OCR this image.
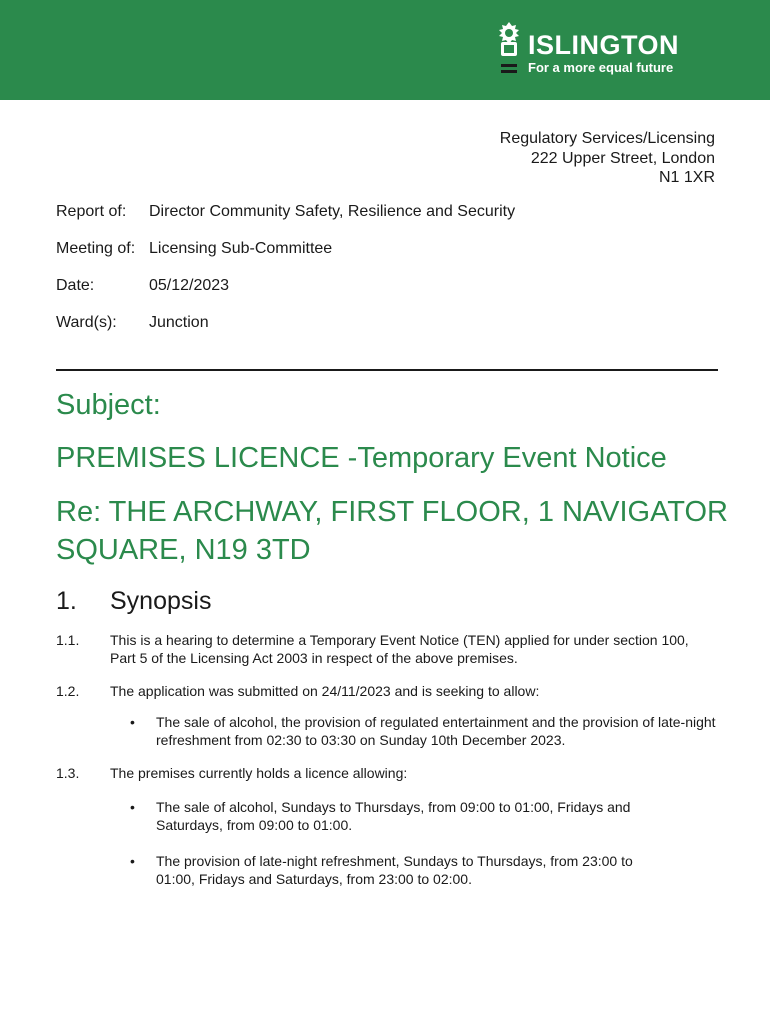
ISLINGTON
For a more equal future
Regulatory Services/Licensing
222 Upper Street, London
N1 1XR
Report of: Director Community Safety, Resilience and Security
Meeting of: Licensing Sub-Committee
Date:	05/12/2023
Ward(s): Junction
Subject:
PREMISES LICENCE -Temporary Event Notice
Re: THE ARCHWAY, FIRST FLOOR, 1 NAVIGATOR SQUARE, N19 3TD
1. Synopsis
1.1. This is a hearing to determine a Temporary Event Notice (TEN) applied for under section 100, Part 5 of the Licensing Act 2003 in respect of the above premises.
1.2. The application was submitted on 24/11/2023 and is seeking to allow:
• The sale of alcohol, the provision of regulated entertainment and the provision of late-night refreshment from 02:30 to 03:30 on Sunday 10th December 2023.
1.3. The premises currently holds a licence allowing:
• The sale of alcohol, Sundays to Thursdays, from 09:00 to 01:00, Fridays and Saturdays, from 09:00 to 01:00.
• The provision of late-night refreshment, Sundays to Thursdays, from 23:00 to 01:00, Fridays and Saturdays, from 23:00 to 02:00.
